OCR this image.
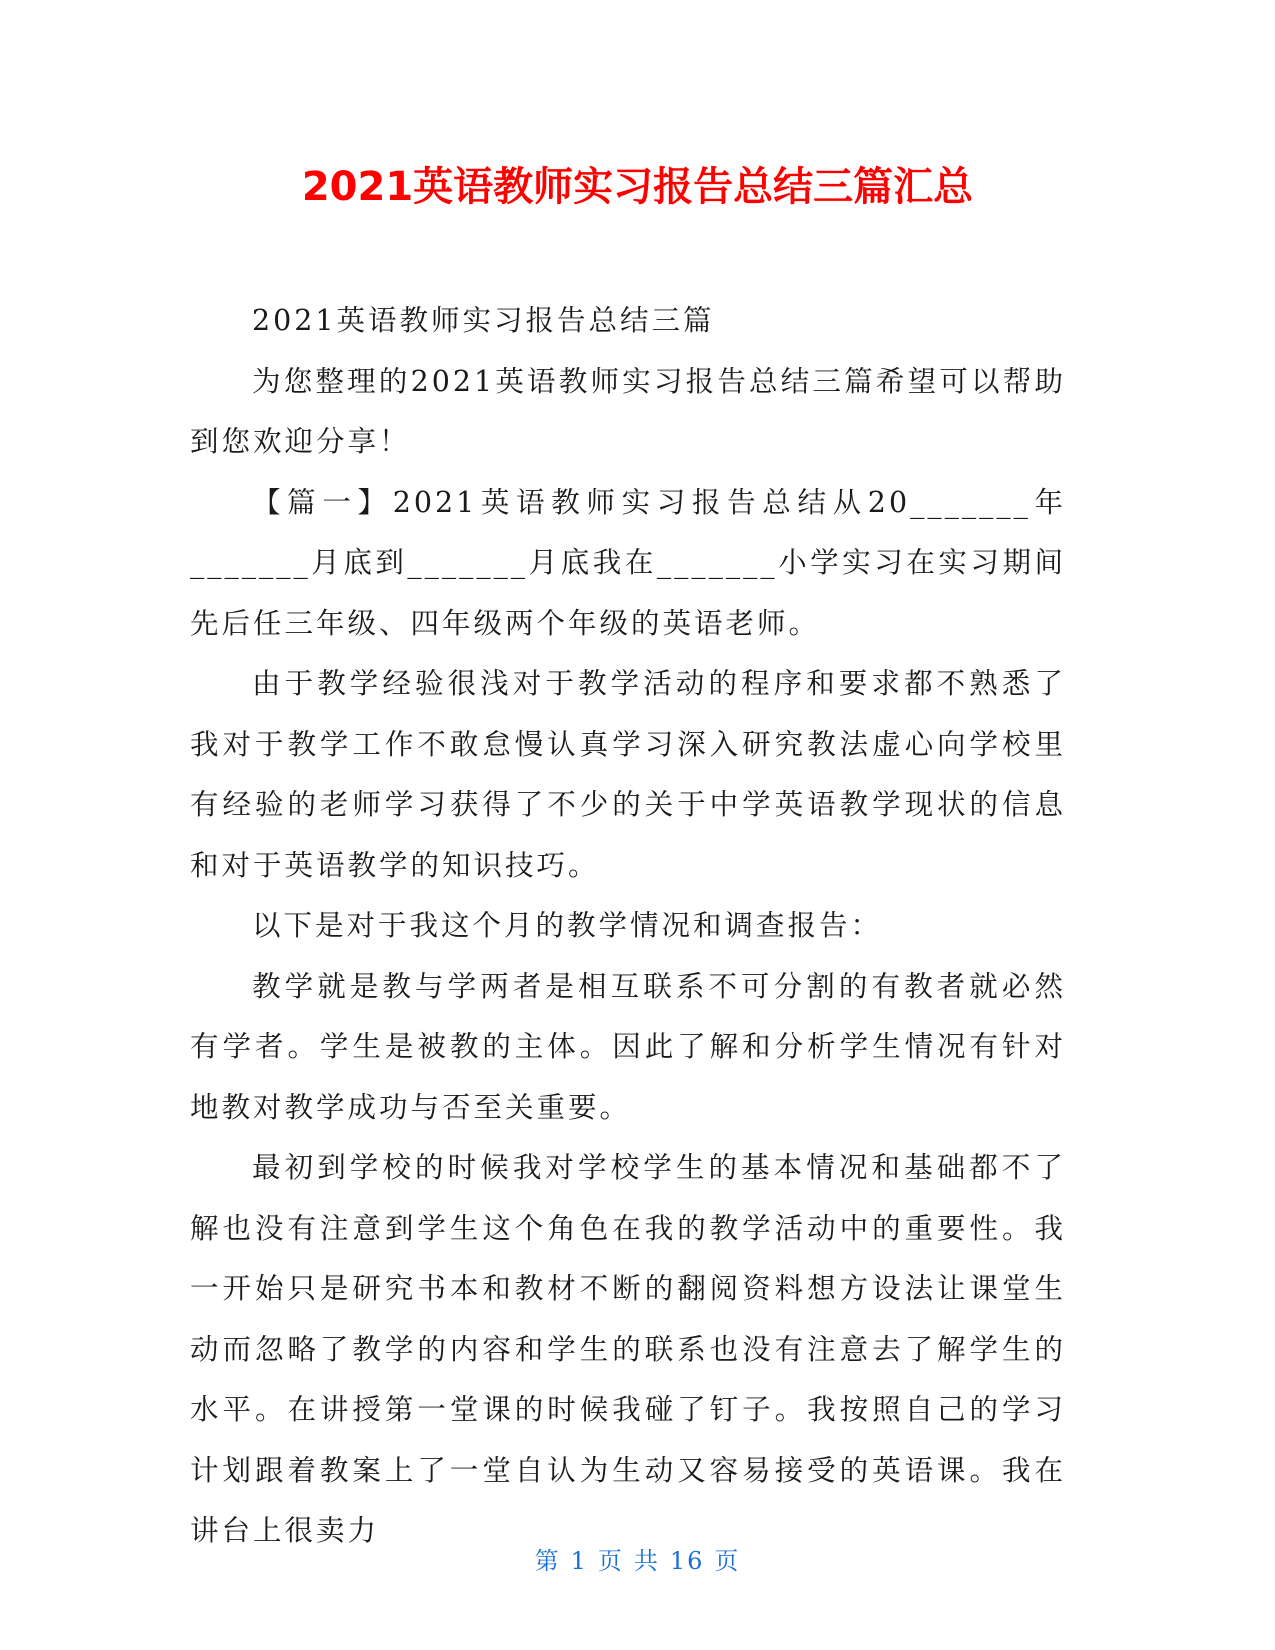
2021英语教师实习报告总结三篇汇总

2021英语教师实习报告总结三篇

为您整理的2021英语教师实习报告总结三篇希望可以帮助到您欢迎分享！

【篇一】2021英语教师实习报告总结从20_______年_______月底到_______月底我在_______小学实习在实习期间先后任三年级、四年级两个年级的英语老师。

由于教学经验很浅对于教学活动的程序和要求都不熟悉了我对于教学工作不敢怠慢认真学习深入研究教法虚心向学校里有经验的老师学习获得了不少的关于中学英语教学现状的信息和对于英语教学的知识技巧。

以下是对于我这个月的教学情况和调查报告：

教学就是教与学两者是相互联系不可分割的有教者就必然有学者。学生是被教的主体。因此了解和分析学生情况有针对地教对教学成功与否至关重要。

最初到学校的时候我对学校学生的基本情况和基础都不了解也没有注意到学生这个角色在我的教学活动中的重要性。我一开始只是研究书本和教材不断的翻阅资料想方设法让课堂生动而忽略了教学的内容和学生的联系也没有注意去了解学生的水平。在讲授第一堂课的时候我碰了钉子。我按照自己的学习计划跟着教案上了一堂自认为生动又容易接受的英语课。我在讲台上很卖力

第 1 页 共 16 页
